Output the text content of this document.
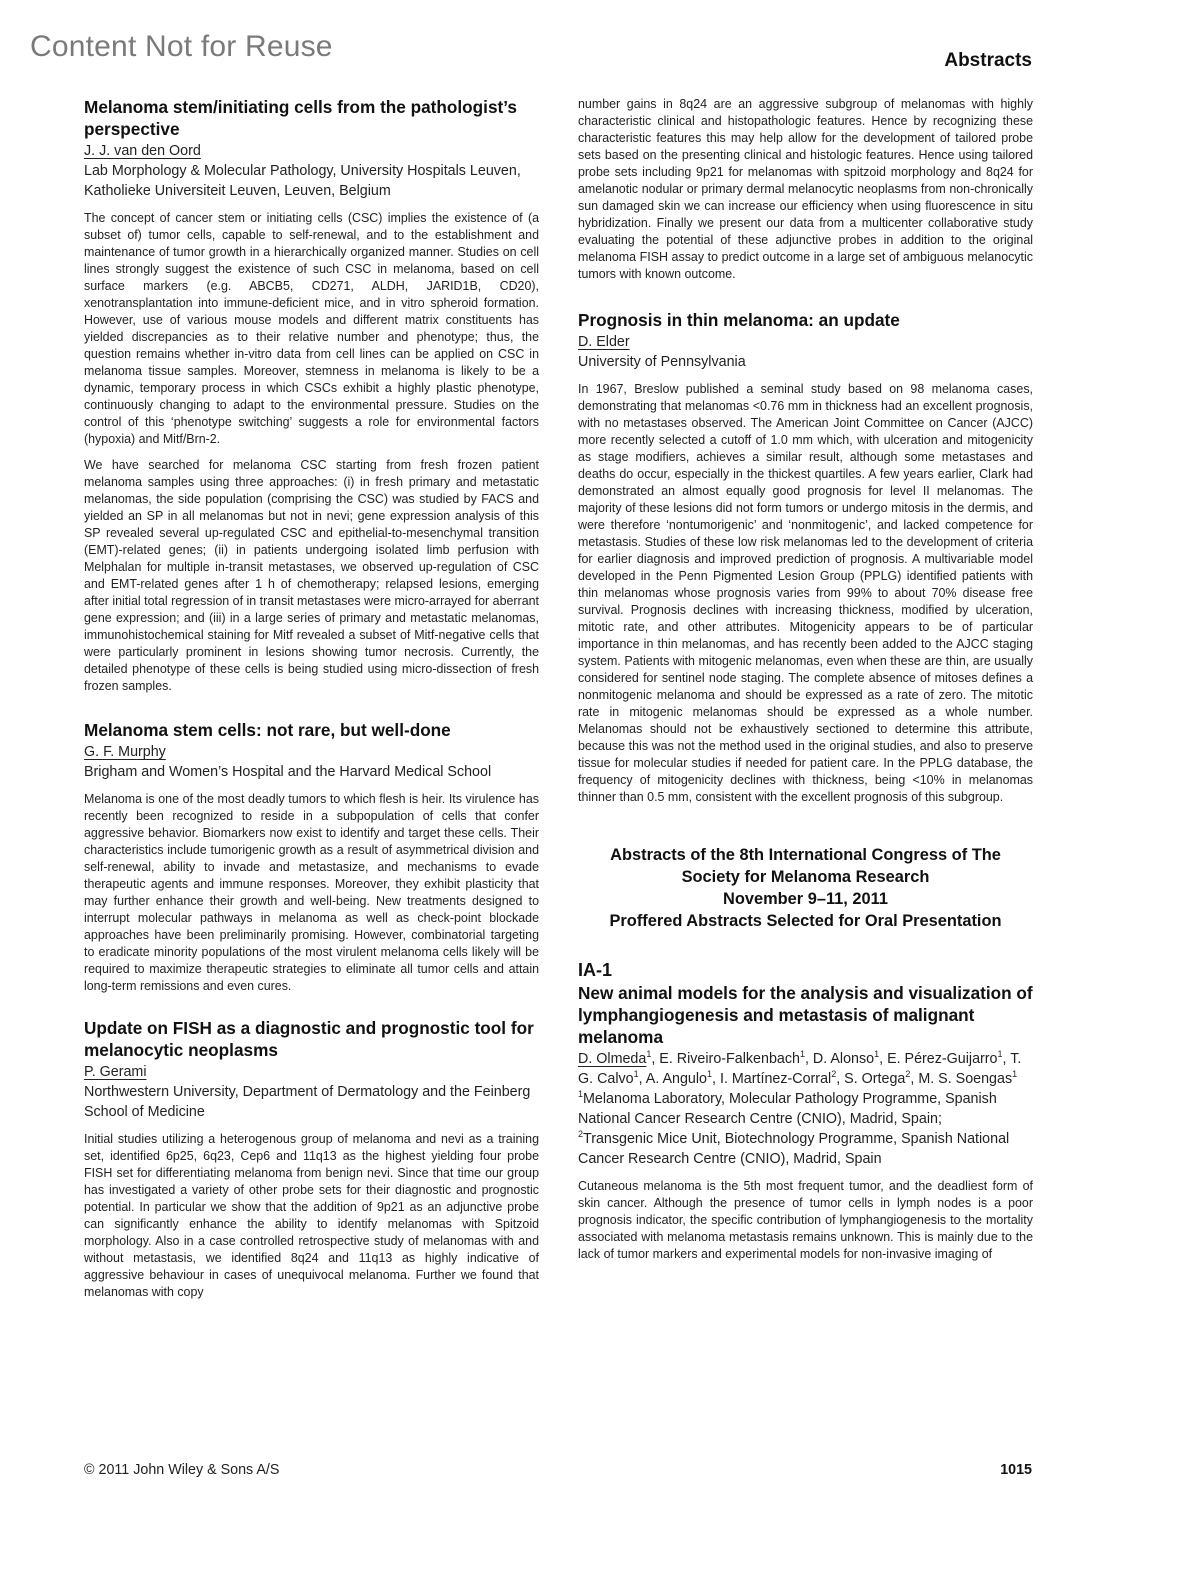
Content Not for Reuse	Abstracts
Melanoma stem/initiating cells from the pathologist’s perspective
J. J. van den Oord
Lab Morphology & Molecular Pathology, University Hospitals Leuven, Katholieke Universiteit Leuven, Leuven, Belgium

The concept of cancer stem or initiating cells (CSC) implies the existence of (a subset of) tumor cells, capable to self-renewal, and to the establishment and maintenance of tumor growth in a hierarchically organized manner. Studies on cell lines strongly suggest the existence of such CSC in melanoma, based on cell surface markers (e.g. ABCB5, CD271, ALDH, JARID1B, CD20), xenotransplantation into immune-deficient mice, and in vitro spheroid formation. However, use of various mouse models and different matrix constituents has yielded discrepancies as to their relative number and phenotype; thus, the question remains whether in-vitro data from cell lines can be applied on CSC in melanoma tissue samples. Moreover, stemness in melanoma is likely to be a dynamic, temporary process in which CSCs exhibit a highly plastic phenotype, continuously changing to adapt to the environmental pressure. Studies on the control of this ‘phenotype switching’ suggests a role for environmental factors (hypoxia) and Mitf/Brn-2.

We have searched for melanoma CSC starting from fresh frozen patient melanoma samples using three approaches: (i) in fresh primary and metastatic melanomas, the side population (comprising the CSC) was studied by FACS and yielded an SP in all melanomas but not in nevi; gene expression analysis of this SP revealed several up-regulated CSC and epithelial-to-mesenchymal transition (EMT)-related genes; (ii) in patients undergoing isolated limb perfusion with Melphalan for multiple in-transit metastases, we observed up-regulation of CSC and EMT-related genes after 1 h of chemotherapy; relapsed lesions, emerging after initial total regression of in transit metastases were micro-arrayed for aberrant gene expression; and (iii) in a large series of primary and metastatic melanomas, immunohistochemical staining for Mitf revealed a subset of Mitf-negative cells that were particularly prominent in lesions showing tumor necrosis. Currently, the detailed phenotype of these cells is being studied using micro-dissection of fresh frozen samples.

Melanoma stem cells: not rare, but well-done
G. F. Murphy
Brigham and Women’s Hospital and the Harvard Medical School

Melanoma is one of the most deadly tumors to which flesh is heir. Its virulence has recently been recognized to reside in a subpopulation of cells that confer aggressive behavior. Biomarkers now exist to identify and target these cells. Their characteristics include tumorigenic growth as a result of asymmetrical division and self-renewal, ability to invade and metastasize, and mechanisms to evade therapeutic agents and immune responses. Moreover, they exhibit plasticity that may further enhance their growth and well-being. New treatments designed to interrupt molecular pathways in melanoma as well as check-point blockade approaches have been preliminarily promising. However, combinatorial targeting to eradicate minority populations of the most virulent melanoma cells likely will be required to maximize therapeutic strategies to eliminate all tumor cells and attain long-term remissions and even cures.

Update on FISH as a diagnostic and prognostic tool for melanocytic neoplasms
P. Gerami
Northwestern University, Department of Dermatology and the Feinberg School of Medicine

Initial studies utilizing a heterogenous group of melanoma and nevi as a training set, identified 6p25, 6q23, Cep6 and 11q13 as the highest yielding four probe FISH set for differentiating melanoma from benign nevi. Since that time our group has investigated a variety of other probe sets for their diagnostic and prognostic potential. In particular we show that the addition of 9p21 as an adjunctive probe can significantly enhance the ability to identify melanomas with Spitzoid morphology. Also in a case controlled retrospective study of melanomas with and without metastasis, we identified 8q24 and 11q13 as highly indicative of aggressive behaviour in cases of unequivocal melanoma. Further we found that melanomas with copy

number gains in 8q24 are an aggressive subgroup of melanomas with highly characteristic clinical and histopathologic features. Hence by recognizing these characteristic features this may help allow for the development of tailored probe sets based on the presenting clinical and histologic features. Hence using tailored probe sets including 9p21 for melanomas with spitzoid morphology and 8q24 for amelanotic nodular or primary dermal melanocytic neoplasms from non-chronically sun damaged skin we can increase our efficiency when using fluorescence in situ hybridization. Finally we present our data from a multicenter collaborative study evaluating the potential of these adjunctive probes in addition to the original melanoma FISH assay to predict outcome in a large set of ambiguous melanocytic tumors with known outcome.

Prognosis in thin melanoma: an update
D. Elder
University of Pennsylvania

In 1967, Breslow published a seminal study based on 98 melanoma cases, demonstrating that melanomas <0.76 mm in thickness had an excellent prognosis, with no metastases observed. The American Joint Committee on Cancer (AJCC) more recently selected a cutoff of 1.0 mm which, with ulceration and mitogenicity as stage modifiers, achieves a similar result, although some metastases and deaths do occur, especially in the thickest quartiles. A few years earlier, Clark had demonstrated an almost equally good prognosis for level II melanomas. The majority of these lesions did not form tumors or undergo mitosis in the dermis, and were therefore ‘nontumorigenic’ and ‘nonmitogenic’, and lacked competence for metastasis. Studies of these low risk melanomas led to the development of criteria for earlier diagnosis and improved prediction of prognosis. A multivariable model developed in the Penn Pigmented Lesion Group (PPLG) identified patients with thin melanomas whose prognosis varies from 99% to about 70% disease free survival. Prognosis declines with increasing thickness, modified by ulceration, mitotic rate, and other attributes. Mitogenicity appears to be of particular importance in thin melanomas, and has recently been added to the AJCC staging system. Patients with mitogenic melanomas, even when these are thin, are usually considered for sentinel node staging. The complete absence of mitoses defines a nonmitogenic melanoma and should be expressed as a rate of zero. The mitotic rate in mitogenic melanomas should be expressed as a whole number. Melanomas should not be exhaustively sectioned to determine this attribute, because this was not the method used in the original studies, and also to preserve tissue for molecular studies if needed for patient care. In the PPLG database, the frequency of mitogenicity declines with thickness, being <10% in melanomas thinner than 0.5 mm, consistent with the excellent prognosis of this subgroup.

Abstracts of the 8th International Congress of The
Society for Melanoma Research
November 9–11, 2011
Proffered Abstracts Selected for Oral Presentation
IA-1
New animal models for the analysis and visualization of lymphangiogenesis and metastasis of malignant melanoma
D. Olmeda$^1$, E. Riveiro-Falkenbach$^1$, D. Alonso$^1$, E. Pérez-Guijarro$^1$, T. G. Calvo$^1$, A. Angulo$^1$, I. Martínez-Corral$^2$, S. Ortega$^2$, M. S. Soengas$^1$
$^1$Melanoma Laboratory, Molecular Pathology Programme, Spanish National Cancer Research Centre (CNIO), Madrid, Spain;
$^2$Transgenic Mice Unit, Biotechnology Programme, Spanish National Cancer Research Centre (CNIO), Madrid, Spain

Cutaneous melanoma is the 5th most frequent tumor, and the deadliest form of skin cancer. Although the presence of tumor cells in lymph nodes is a poor prognosis indicator, the specific contribution of lymphangiogenesis to the mortality associated with melanoma metastasis remains unknown. This is mainly due to the lack of tumor markers and experimental models for non-invasive imaging of

© 2011 John Wiley & Sons A/S	1015
